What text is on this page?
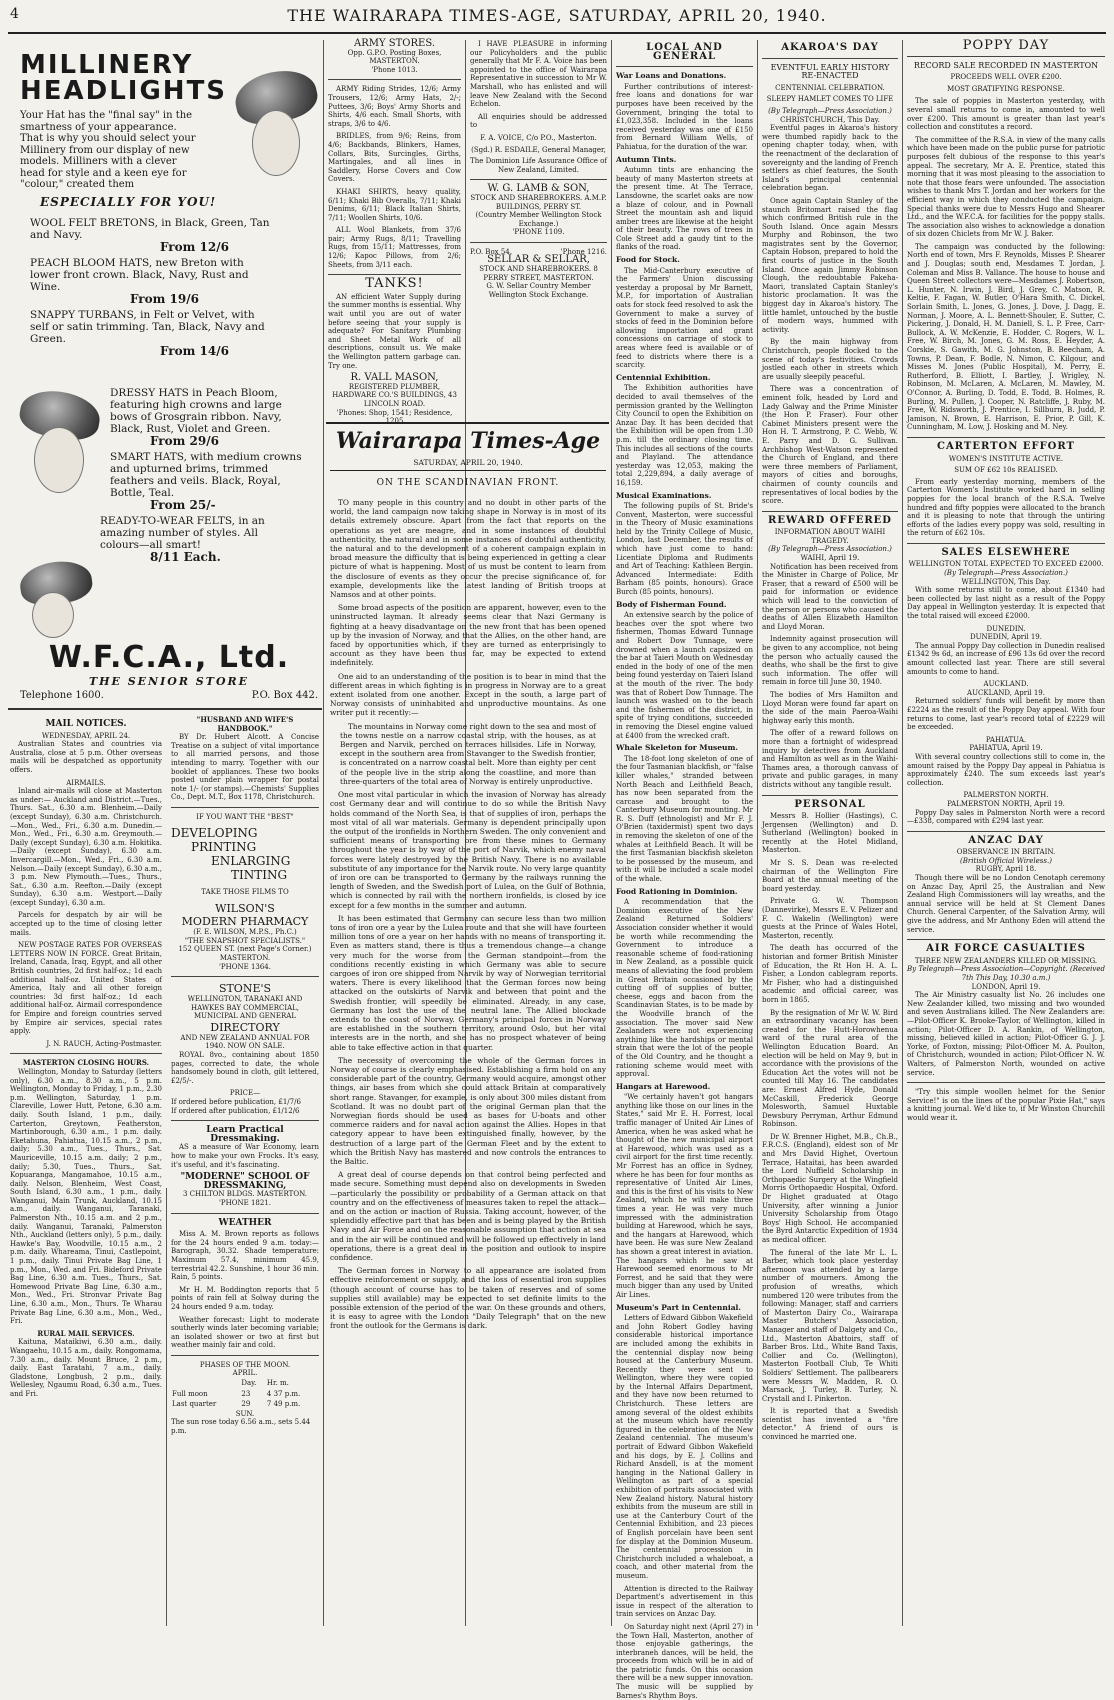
4	THE WAIRARAPA TIMES-AGE, SATURDAY, APRIL 20, 1940.
MILLINERY
HEADLIGHTS
Your Hat has the "final say" in the smartness of your appearance. That is why you should select your Millinery from our display of new models. Milliners with a clever head for style and a keen eye for "colour," created them
ESPECIALLY FOR YOU!
WOOL FELT BRETONS, in Black, Green, Tan and Navy.
From 12/6
PEACH BLOOM HATS, new Breton with lower front crown. Black, Navy, Rust and Wine.
From 19/6
SNAPPY TURBANS, in Felt or Velvet, with self or satin trimming. Tan, Black, Navy and Green.
From 14/6
DRESSY HATS in Peach Bloom, featuring high crowns and large bows of Grosgrain ribbon. Navy, Black, Rust, Violet and Green.
From 29/6
SMART HATS, with medium crowns and upturned brims, trimmed feathers and veils. Black, Royal, Bottle, Teal.
From 25/-
READY-TO-WEAR FELTS, in an amazing number of styles. All colours—all smart!
8/11 Each.
W.F.C.A., Ltd.
THE SENIOR STORE
Telephone 1600.	P.O. Box 442.
MAIL NOTICES.
WEDNESDAY, APRIL 24.

Australian States and countries via Australia, close at 5 p.m. Other overseas mails will be despatched as opportunity offers.

AIRMAILS.

Inland air-mails will close at Masterton as under:— Auckland and District.—Tues., Thurs. Sat., 6.30 a.m. Blenheim.—Daily (except Sunday), 6.30 a.m. Christchurch.—Mon., Wed., Fri., 6.30 a.m. Dunedin.—Mon., Wed., Fri., 6.30 a.m. Greymouth.—Daily (except Sunday), 6.30 a.m. Hokitika.—Daily (except Sunday), 6.30 a.m. Invercargill.—Mon., Wed., Fri., 6.30 a.m. Nelson.—Daily (except Sunday), 6.30 a.m., 3 p.m. New Plymouth.—Tues., Thurs., Sat., 6.30 a.m. Reefton.—Daily (except Sunday), 6.30 a.m. Westport.—Daily (except Sunday), 6.30 a.m.

Parcels for despatch by air will be accepted up to the time of closing letter mails.

NEW POSTAGE RATES FOR OVERSEAS LETTERS NOW IN FORCE. Great Britain, Ireland, Canada, Iraq, Egypt, and all other British countries, 2d first half-oz.; 1d each additional half-oz. United States of America, Italy and all other foreign countries: 3d first half-oz.; 1d each additional half-oz. Airmail correspondence for Empire and foreign countries served by Empire air services, special rates apply.

J. N. RAUCH, Acting-Postmaster.
MASTERTON CLOSING HOURS.

Wellington, Monday to Saturday (letters only), 6.30 a.m., 8.30 a.m., 5 p.m. Wellington, Monday to Friday, 1 p.m., 2.30 p.m. Wellington, Saturday, 1 p.m. Clareville, Lower Hutt, Petone, 6.30 a.m. daily. South Island, 1 p.m., daily. Carterton, Greytown, Featherston, Martinborough, 6.30 a.m., 1 p.m. daily. Eketahuna, Pahiatua, 10.15 a.m., 2 p.m., daily; 5.30 a.m., Tues., Thurs., Sat. Mauriceville, 10.15 a.m. daily; 2 p.m., daily; 5.30, Tues., Thurs., Sat. Kopuaranga, Mangamahoe, 10.15 a.m., daily. Nelson, Blenheim, West Coast, South Island, 6.30 a.m., 1 p.m., daily. Wanganui, Main Trunk, Auckland, 10.15 a.m., daily. Wanganui, Taranaki, Palmerston Nth., 10.15 a.m. and 2 p.m., daily. Wanganui, Taranaki, Palmerston Nth., Auckland (letters only), 5 p.m., daily. Hawke's Bay, Woodville, 10.15 a.m., 2 p.m. daily. Whareama, Tinui, Castlepoint, 1 p.m., daily. Tinui Private Bag Line, 1 p.m., Mon., Wed. and Fri. Bideford Private Bag Line, 6.30 a.m. Tues., Thurs., Sat. Homewood Private Bag Line, 6.30 a.m., Mon., Wed., Fri. Stronvar Private Bag Line, 6.30 a.m., Mon., Thurs. Te Wharau Private Bag Line, 6.30 a.m., Mon., Wed., Fri.

RURAL MAIL SERVICES.

Kaituna, Mataikiwi, 6.30 a.m., daily. Wangaehu, 10.15 a.m., daily. Rongomama, 7.30 a.m., daily. Mount Bruce, 2 p.m., daily. East Taratahi, 7 a.m., daily. Gladstone, Longbush, 2 p.m., daily. Wellesley, Ngaumu Road, 6.30 a.m., Tues. and Fri.

"HUSBAND AND WIFE'S HANDBOOK."

BY Dr. Hubert Alcott. A Concise Treatise on a subject of vital importance to all married persons, and those intending to marry. Together with our booklet of appliances. These two books posted under plain wrapper for postal note 1/- (or stamps).—Chemists' Supplies Co., Dept. M.T., Box 1178, Christchurch.

IF YOU WANT THE "BEST"
DEVELOPING
PRINTING
ENLARGING
TINTING
TAKE THOSE FILMS TO
WILSON'S
MODERN PHARMACY
(F. E. WILSON, M.P.S., Ph.C.)
"THE SNAPSHOT SPECIALISTS."
152 QUEEN ST. (next Page's Corner.)
MASTERTON.
'PHONE 1364.
STONE'S
WELLINGTON, TARANAKI AND HAWKES BAY COMMERCIAL, MUNICIPAL AND GENERAL
DIRECTORY
AND NEW ZEALAND ANNUAL FOR 1940. NOW ON SALE.

ROYAL 8vo., containing about 1850 pages, corrected to date, the whole handsomely bound in cloth, gilt lettered, £2/5/-.

PRICE—
If ordered before publication, £1/7/6
If ordered after publication, £1/12/6
Learn Practical Dressmaking.

AS a measure of War Economy, learn how to make your own Frocks. It's easy, it's useful, and it's fascinating.

"MODERNE" SCHOOL OF
DRESSMAKING,
3 CHILTON BLDGS. MASTERTON. 'PHONE 1821.
WEATHER

Miss A. M. Brown reports as follows for the 24 hours ended 9 a.m. today:—Barograph, 30.32. Shade temperature: Maximum 57.4, minimum 45.9, terrestrial 42.2. Sunshine, 1 hour 36 min. Rain, 5 points.

Mr H. M. Boddington reports that 5 points of rain fell at Solway during the 24 hours ended 9 a.m. today.

Weather forecast: Light to moderate southerly winds later becoming variable; an isolated shower or two at first but weather mainly fair and cold.

PHASES OF THE MOON.
APRIL.
	Day.	Hr. m.
Full moon	23	4 37 p.m.
Last quarter	29	7 49 p.m.
SUN.
The sun rose today 6.56 a.m., sets 5.44 p.m.
ARMY STORES.
Opp. G.P.O. Posting Boxes, MASTERTON.
'Phone 1013.

ARMY Riding Strides, 12/6; Army Trousers, 12/6; Army Hats, 2/-; Puttees, 3/6; Boys' Army Shorts and Shirts, 4/6 each. Small Shorts, with straps, 3/6 to 4/6.

BRIDLES, from 9/6; Reins, from 4/6; Backbands, Blinkers, Hames, Collars, Bits, Surcingles, Girths, Martingales, and all lines in Saddlery, Horse Covers and Cow Covers.

KHAKI SHIRTS, heavy quality, 6/11; Khaki Bib Overalls, 7/11; Khaki Denims, 6/11; Black Italian Shirts, 7/11; Woollen Shirts, 10/6.

ALL Wool Blankets, from 37/6 pair; Army Rugs, 8/11; Travelling Rugs, from 15/11; Mattresses, from 12/6; Kapoc Pillows, from 2/6; Sheets, from 3/11 each.

TANKS!

AN efficient Water Supply during the summer months is essential. Why wait until you are out of water before seeing that your supply is adequate? For Sanitary Plumbing and Sheet Metal Work of all descriptions, consult us. We make the Wellington pattern garbage can. Try one.

R. VALL MASON,
REGISTERED PLUMBER, HARDWARE CO.'S BUILDINGS, 43 LINCOLN ROAD.
'Phones: Shop, 1541; Residence, 1205

I HAVE PLEASURE in informing our Policyholders and the public generally that Mr F. A. Voice has been appointed to the office of Wairarapa Representative in succession to Mr W. Marshall, who has enlisted and will leave New Zealand with the Second Echelon.

All enquiries should be addressed to

F. A. VOICE, C/o P.O., Masterton.
(Sgd.) R. ESDAILE, General Manager,
The Dominion Life Assurance Office of New Zealand, Limited.
W. G. LAMB & SON,
STOCK AND SHAREBROKERS. A.M.P. BUILDINGS, PERRY ST.
(Country Member Wellington Stock Exchange.)
'PHONE 1109.
P.O. Box 54.	'Phone 1216.
SELLAR & SELLAR,
STOCK AND SHAREBROKERS. 8 PERRY STREET, MASTERTON.
G. W. Sellar Country Member Wellington Stock Exchange.
Wairarapa Times-Age
SATURDAY, APRIL 20, 1940.
ON THE SCANDINAVIAN FRONT.

TO many people in this country and no doubt in other parts of the world, the land campaign now taking shape in Norway is in most of its details extremely obscure. Apart from the fact that reports on the operations as yet are meagre, and in some instances of doubtful authenticity, the natural and in some instances of doubtful authenticity, the natural and to the development of a coherent campaign explain in broad measure the difficulty that is being experienced in getting a clear picture of what is happening. Most of us must be content to learn from the disclosure of events as they occur the precise significance of, for example, developments like the latest landing of British troops at Namsos and at other points.

Some broad aspects of the position are apparent, however, even to the uninstructed layman. It already seems clear that Nazi Germany is fighting at a heavy disadvantage on the new front that has been opened up by the invasion of Norway, and that the Allies, on the other hand, are faced by opportunities which, if they are turned as enterprisingly to account as they have been thus far, may be expected to extend indefinitely.

One aid to an understanding of the position is to bear in mind that the different areas in which fighting is in progress in Norway are to a great extent isolated from one another. Except in the south, a large part of Norway consists of uninhabited and unproductive mountains. As one writer put it recently:—

The mountains in Norway come right down to the sea and most of the towns nestle on a narrow coastal strip, with the houses, as at Bergen and Narvik, perched on terraces hillsides. Life in Norway, except in the southern area from Stavanger to the Swedish frontier, is concentrated on a narrow coastal belt. More than eighty per cent of the people live in the strip along the coastline, and more than three-quarters of the total area of Norway is entirely unproductive.

One most vital particular in which the invasion of Norway has already cost Germany dear and will continue to do so while the British Navy holds command of the North Sea, is that of supplies of iron, perhaps the most vital of all war materials. Germany is dependent principally upon the output of the ironfields in Northern Sweden. The only convenient and sufficient means of transporting ore from these mines to Germany throughout the year is by way of the port of Narvik, which enemy naval forces were lately destroyed by the British Navy. There is no available substitute of any importance for the Narvik route. No very large quantity of iron ore can be transported to Germany by the railways running the length of Sweden, and the Swedish port of Lulea, on the Gulf of Bothnia, which is connected by rail with the northern ironfields, is closed by ice except for a few months in the summer and autumn.

It has been estimated that Germany can secure less than two million tons of iron ore a year by the Lulea route and that she will have fourteen million tons of ore a year on her hands with no means of transporting it. Even as matters stand, there is thus a tremendous change—a change very much for the worse from the German standpoint—from the conditions recently existing in which Germany was able to secure cargoes of iron ore shipped from Narvik by way of Norwegian territorial waters. There is every likelihood that the German forces now being attacked on the outskirts of Narvik and between that point and the Swedish frontier, will speedily be eliminated. Already, in any case, Germany has lost the use of the neutral lane. The Allied blockade extends to the coast of Norway. Germany's principal forces in Norway are established in the southern territory, around Oslo, but her vital interests are in the north, and she has no prospect whatever of being able to take effective action in that quarter.

The necessity of overcoming the whole of the German forces in Norway of course is clearly emphasised. Establishing a firm hold on any considerable part of the country, Germany would acquire, amongst other things, air bases from which she could attack Britain at comparatively short range. Stavanger, for example, is only about 300 miles distant from Scotland. It was no doubt part of the original German plan that the Norwegian fiords should be used as bases for U-boats and other commerce raiders and for naval action against the Allies. Hopes in that category appear to have been extinguished finally, however, by the destruction of a large part of the German Fleet and by the extent to which the British Navy has mastered and now controls the entrances to the Baltic.

A great deal of course depends on that control being perfected and made secure. Something must depend also on developments in Sweden—particularly the possibility or probability of a German attack on that country and on the effectiveness of measures taken to repel the attack—and on the action or inaction of Russia. Taking account, however, of the splendidly effective part that has been and is being played by the British Navy and Air Force and on the reasonable assumption that action at sea and in the air will be continued and will be followed up effectively in land operations, there is a great deal in the position and outlook to inspire confidence.

The German forces in Norway to all appearance are isolated from effective reinforcement or supply, and the loss of essential iron supplies (though account of course has to be taken of reserves and of some supplies still available) may be expected to set definite limits to the possible extension of the period of the war. On these grounds and others, it is easy to agree with the London "Daily Telegraph" that on the new front the outlook for the Germans is dark.

LOCAL AND GENERAL
War Loans and Donations.

Further contributions of interest-free loans and donations for war purposes have been received by the Government, bringing the total to £1,023,358. Included in the loans received yesterday was one of £150 from Bernard William Wells, of Pahiatua, for the duration of the war.

Autumn Tints.

Autumn tints are enhancing the beauty of many Masterton streets at the present time. At The Terrace, Lansdowne, the scarlet oaks are now a blaze of colour, and in Pownall Street the mountain ash and liquid amber trees are likewise at the height of their beauty. The rows of trees in Cole Street add a gaudy tint to the flanks of the road.

Food for Stock.

The Mid-Canterbury executive of the Farmers' Union discussing yesterday a proposal by Mr Barnett, M.P., for importation of Australian oats for stock feed resolved to ask the Government to make a survey of stocks of feed in the Dominion before allowing importation and grant concessions on carriage of stock to areas where feed is available or of feed to districts where there is a scarcity.

Centennial Exhibition.

The Exhibition authorities have decided to avail themselves of the permission granted by the Wellington City Council to open the Exhibition on Anzac Day. It has been decided that the Exhibition will be open from 1.30 p.m. till the ordinary closing time. This includes all sections of the courts and Playland. The attendance yesterday was 12,053, making the total 2,229,894, a daily average of 16,159.

Musical Examinations.

The following pupils of St. Bride's Convent, Masterton, were successful in the Theory of Music examinations held by the Trinity College of Music, London, last December, the results of which have just come to hand: Licentiate Diploma and Rudiments and Art of Teaching: Kathleen Bergin. Advanced Intermediate: Edith Barham (85 points, honours). Grace Burch (85 points, honours).

Body of Fisherman Found.

An extensive search by the police of beaches over the spot where two fishermen, Thomas Edward Tunnage and Robert Dow Tunnage, were drowned when a launch capsized on the bar at Taieri Mouth on Wednesday ended in the body of one of the men being found yesterday on Taieri Island at the mouth of the river. The body was that of Robert Dow Tunnage. The launch was washed on to the beach and the fishermen of the district, in spite of trying conditions, succeeded in removing the Diesel engine valued at £400 from the wrecked craft.

Whale Skeleton for Museum.

The 18-foot long skeleton of one of the four Tasmanian blackfish, or "false killer whales," stranded between North Beach and Leithfield Beach, has now been separated from the carcase and brought to the Canterbury Museum for mounting. Mr R. S. Duff (ethnologist) and Mr F. J. O'Brien (taxidermist) spent two days in removing the skeleton of one of the whales at Leithfield Beach. It will be the first Tasmanian blackfish skeleton to be possessed by the museum, and with it will be included a scale model of the whale.

Food Rationing in Dominion.

A recommendation that the Dominion executive of the New Zealand Returned Soldiers' Association consider whether it would be worth while recommending the Government to introduce a reasonable scheme of food-rationing in New Zealand, as a possible quick means of alleviating the food problem in Great Britain occasioned by the cutting off of supplies of butter, cheese, eggs and bacon from the Scandinavian States, is to be made by the Woodville branch of the association. The mover said New Zealanders were not experiencing anything like the hardships or mental strain that were the lot of the people of the Old Country, and he thought a rationing scheme would meet with approval.

Hangars at Harewood.

"We certainly haven't got hangars anything like those on our lines in the States," said Mr E. H. Forrest, local traffic manager of United Air Lines of America, when he was asked what he thought of the new municipal airport at Harewood, which was used as a civil airport for the first time recently. Mr Forrest has an office in Sydney, where he has been for four months as representative of United Air Lines, and this is the first of his visits to New Zealand, which he will make three times a year. He was very much impressed with the administration building at Harewood, which he says, and the hangars at Harewood, which have been. He was sure New Zealand has shown a great interest in aviation. The hangars which he saw at Harewood seemed enormous to Mr Forrest, and he said that they were much bigger than any used by United Air Lines.

Museum's Part in Centennial.

Letters of Edward Gibbon Wakefield and John Robert Godley having considerable historical importance are included among the exhibits in the centennial display now being housed at the Canterbury Museum. Recently they were sent to Wellington, where they were copied by the Internal Affairs Department, and they have now been returned to Christchurch. These letters are among several of the oldest exhibits at the museum which have recently figured in the celebration of the New Zealand centennial. The museum's portrait of Edward Gibbon Wakefield and his dogs, by E. J. Collins and Richard Ansdell, is at the moment hanging in the National Gallery in Wellington as part of a special exhibition of portraits associated with New Zealand history. Natural history exhibits from the museum are still in use at the Canterbury Court of the Centennial Exhibition, and 23 pieces of English porcelain have been sent for display at the Dominion Museum. The centennial procession in Christchurch included a whaleboat, a coach, and other material from the museum.

Attention is directed to the Railway Department's advertisement in this issue in respect of the alteration to train services on Anzac Day.

On Saturday night next (April 27) in the Town Hall, Masterton, another of those enjoyable gatherings, the interbraneh dances, will be held, the proceeds from which will be in aid of the patriotic funds. On this occasion there will be a new supper innovation. The music will be supplied by Barnes's Rhythm Boys.

AKAROA'S DAY
EVENTFUL EARLY HISTORY RE-ENACTED
CENTENNIAL CELEBRATION.
SLEEPY HAMLET COMES TO LIFE
(By Telegraph—Press Association.)
CHRISTCHURCH, This Day.

Eventful pages in Akaroa's history were thumbed rapidly back to the opening chapter today, when, with the reenactment of the declaration of sovereignty and the landing of French settlers as chief features, the South Island's principal centennial celebration began.

Once again Captain Stanley of the staunch Britomart raised the flag which confirmed British rule in the South Island. Once again Messrs Murphy and Robinson, the two magistrates sent by the Governor, Captain Hobson, prepared to hold the first courts of justice in the South Island. Once again Jimmy Robinson Clough, the redoubtable Pakeha-Maori, translated Captain Stanley's historic proclamation. It was the biggest day in Akaroa's history. The little hamlet, untouched by the bustle of modern ways, hummed with activity.

By the main highway from Christchurch, people flocked to the scene of today's festivities. Crowds jostled each other in streets which are usually sleepily peaceful.

There was a concentration of eminent folk, headed by Lord and Lady Galway and the Prime Minister (the Hon P. Fraser). Four other Cabinet Ministers present were the Hon H. T. Armstrong, P. C. Webb, W. E. Parry and D. G. Sullivan. Archbishop West-Watson represented the Church of England, and there were three members of Parliament, mayors of cities and boroughs, chairmen of county councils and representatives of local bodies by the score.

REWARD OFFERED
INFORMATION ABOUT WAIHI TRAGEDY.
(By Telegraph—Press Association.)
WAIHI, April 19.

Notification has been received from the Minister in Charge of Police, Mr Fraser, that a reward of £500 will be paid for information or evidence which will lead to the conviction of the person or persons who caused the deaths of Allen Elizabeth Hamilton and Lloyd Moran.

Indemnity against prosecution will be given to any accomplice, not being the person who actually caused the deaths, who shall be the first to give such information. The offer will remain in force till June 30, 1940.

The bodies of Mrs Hamilton and Lloyd Moran were found far apart on the side of the main Paeroa-Waihi highway early this month.

The offer of a reward follows on more than a fortnight of widespread inquiry by detectives from Auckland and Hamilton as well as in the Waihi-Thames area, a thorough canvass of private and public garages, in many districts without any tangible result.

PERSONAL

Messrs B. Hollier (Hastings), C. Jergensen (Wellington) and D. Sutherland (Wellington) booked in recently at the Hotel Midland, Masterton.

Mr S. S. Dean was re-elected chairman of the Wellington Fire Board at the annual meeting of the board yesterday.

Private G. W. Thompson (Dannevirke), Messrs E. V. Pelizer and F. C. Wakelin (Wellington) were guests at the Prince of Wales Hotel, Masterton, recently.

The death has occurred of the historian and former British Minister of Education, the Rt Hon H. A. L. Fisher, a London cablegram reports. Mr Fisher, who had a distinguished academic and official career, was born in 1865.

By the resignation of Mr W. W. Bird an extraordinary vacancy has been created for the Hutt-Horowhenua ward of the rural area of the Wellington Education Board. An election will be held on May 9, but in accordance with the provisions of the Education Act the votes will not be counted till May 16. The candidates are: Ernest Alfred Hyde, Donald McCaskill, Frederick George Molesworth, Samuel Huxtable Dewsbury Perryman, Arthur Edmund Robinson.

Dr W. Brenner Highet, M.B., Ch.B., F.R.C.S. (England), eldest son of Mr and Mrs David Highet, Overtoun Terrace, Hataitai, has been awarded the Lord Nuffield Scholarship in Orthopaedic Surgery at the Wingfield Morris Orthopaedic Hospital, Oxford. Dr Highet graduated at Otago University, after winning a Junior University Scholarship from Otago Boys' High School. He accompanied the Byrd Antarctic Expedition of 1934 as medical officer.

The funeral of the late Mr L. L. Barber, which took place yesterday afternoon was attended by a large number of mourners. Among the profusion of wreaths, which numbered 120 were tributes from the following: Manager, staff and carriers of Masterton Dairy Co., Wairarapa Master Butchers' Association, Manager and staff of Dalgety and Co., Ltd., Masterton Abattoirs, staff of Barber Bros. Ltd., White Band Taxis, Collier and Co. (Wellington), Masterton Football Club, Te Whiti Soldiers' Settlement. The pallbearers were Messrs W. Madden, R. O. Marsack, J. Turley, B. Turley, N. Crystall and I. Pinkerton.

It is reported that a Swedish scientist has invented a "fire detector." A friend of ours is convinced he married one.

POPPY DAY
RECORD SALE RECORDED IN MASTERTON
PROCEEDS WELL OVER £200.
MOST GRATIFYING RESPONSE.

The sale of poppies in Masterton yesterday, with several small returns to come in, amounted to well over £200. This amount is greater than last year's collection and constitutes a record.

The committee of the R.S.A. in view of the many calls which have been made on the public purse for patriotic purposes felt dubious of the response to this year's appeal. The secretary, Mr A. E. Prentice, stated this morning that it was most pleasing to the association to note that those fears were unfounded. The association wishes to thank Mrs T. Jordan and her workers for the efficient way in which they conducted the campaign. Special thanks were due to Messrs Hugo and Shearer Ltd., and the W.F.C.A. for facilities for the poppy stalls. The association also wishes to acknowledge a donation of six dozen Chiclets from Mr W. J. Baker.

The campaign was conducted by the following: North end of town, Mrs F. Reynolds, Misses P. Shearer and J. Douglas; south end, Mesdames T. Jordan, J. Coleman and Miss B. Vallance. The house to house and Queen Street collectors were—Mesdames J. Robertson, L. Hunter, N. Irwin, J. Bird, J. Grey, C. Matson, R. Keltie, F. Fagan, W. Butler, O'Hara Smith, C. Dickel, Sorlain Smith, L. Jones, G. Jones, J. Dove, J. Dagg, E. Norman, J. Moore, A. L. Bennett-Shouler, E. Sutter, C. Pickering, J. Donald, H. M. Daniell, S. L. P. Free, Carr-Bullock, A. W. McKenzie, E. Hodder, C. Rogers, W. L. Free, W. Birch, M. Jones, G. M. Ross, E. Heyder, A. Corskie, S. Gawith, M. G. Johnston, B. Beecham, A. Towns, P. Dean, F. Bodle, N. Nimon, C. Kilgour, and Misses M. Jones (Public Hospital), M. Perry, E. Rutherford, B. Elliott, I. Bartley, J. Wrigley, N. Robinson, M. McLaren, A. McLaren, M. Mawley, M. O'Connor, A. Burling, D. Todd, E. Todd, B. Holmes, R. Burling, M. Pullen, J. Cooper, N. Ratcliffe, J. Ruby, M. Free, W. Ridsworth, J. Prentice, I. Sillburn, B. Judd, P. Jamison, N. Brown, E. Harrison, E. Prior, P. Gill, K. Cunningham, M. Low, J. Hosking and M. Ney.

CARTERTON EFFORT
WOMEN'S INSTITUTE ACTIVE.
SUM OF £62 10s REALISED.

From early yesterday morning, members of the Carterton Women's Institute worked hard in selling poppies for the local branch of the R.S.A. Twelve hundred and fifty poppies were allocated to the branch and it is pleasing to note that through the untiring efforts of the ladies every poppy was sold, resulting in the return of £62 10s.

SALES ELSEWHERE
WELLINGTON TOTAL EXPECTED TO EXCEED £2000.
(By Telegraph—Press Association.)
WELLINGTON, This Day.

With some returns still to come, about £1340 had been collected by last night as a result of the Poppy Day appeal in Wellington yesterday. It is expected that the total raised will exceed £2000.

DUNEDIN.
DUNEDIN, April 19.

The annual Poppy Day collection in Dunedin realised £1342 9s 6d, an increase of £96 13s 6d over the record amount collected last year. There are still several amounts to come to hand.

AUCKLAND.
AUCKLAND, April 19.

Returned soldiers' funds will benefit by more than £2224 as the result of the Poppy Day appeal. With four returns to come, last year's record total of £2229 will be exceeded.

PAHIATUA.
PAHIATUA, April 19.

With several country collections still to come in, the amount raised by the Poppy Day appeal in Pahiatua is approximately £240. The sum exceeds last year's collection.

PALMERSTON NORTH.
PALMERSTON NORTH, April 19.

Poppy Day sales in Palmerston North were a record—£338, compared with £294 last year.

ANZAC DAY
OBSERVANCE IN BRITAIN.
(British Official Wireless.)
RUGBY, April 18.

Though there will be no London Cenotaph ceremony on Anzac Day, April 25, the Australian and New Zealand High Commissioners will lay wreaths, and the annual service will be held at St Clement Danes Church. General Carpenter, of the Salvation Army, will give the address, and Mr Anthony Eden will attend the service.

AIR FORCE CASUALTIES
THREE NEW ZEALANDERS KILLED OR MISSING.
By Telegraph—Press Association—Copyright. (Received 7th This Day, 10.30 a.m.)
LONDON, April 19.

The Air Ministry casualty list No. 26 includes one New Zealander killed, two missing and two wounded and seven Australians killed. The New Zealanders are:—Pilot-Officer K. Brooke-Taylor, of Wellington, killed in action; Pilot-Officer D. A. Rankin, of Wellington, missing, believed killed in action; Pilot-Officer G. J. J. Yorke, of Foxton, missing; Pilot-Officer M. A. Poulton, of Christchurch, wounded in action; Pilot-Officer N. W. Walters, of Palmerston North, wounded on active service.

"Try this simple woollen helmet for the Senior Service!" is on the lines of the popular Pixie Hat," says a knitting journal. We'd like to, if Mr Winston Churchill would wear it.
